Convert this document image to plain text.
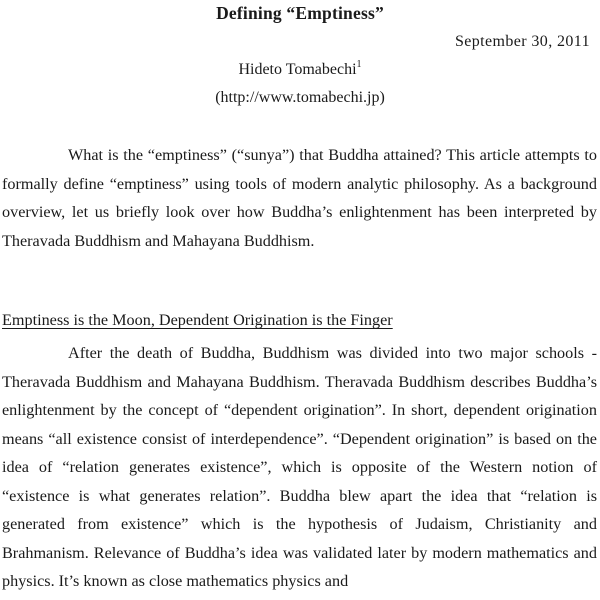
Defining “Emptiness”
September 30, 2011
Hideto Tomabechi$^1$
(http://www.tomabechi.jp)

What is the “emptiness” (“sunya”) that Buddha attained? This article attempts to formally define “emptiness” using tools of modern analytic philosophy. As a background overview, let us briefly look over how Buddha’s enlightenment has been interpreted by Theravada Buddhism and Mahayana Buddhism.

Emptiness is the Moon, Dependent Origination is the Finger

After the death of Buddha, Buddhism was divided into two major schools - Theravada Buddhism and Mahayana Buddhism. Theravada Buddhism describes Buddha’s enlightenment by the concept of “dependent origination”. In short, dependent origination means “all existence consist of interdependence”. “Dependent origination” is based on the idea of “relation generates existence”, which is opposite of the Western notion of “existence is what generates relation”. Buddha blew apart the idea that “relation is generated from existence” which is the hypothesis of Judaism, Christianity and Brahmanism. Relevance of Buddha’s idea was validated later by modern mathematics and physics. It’s known as close mathematics physics and
